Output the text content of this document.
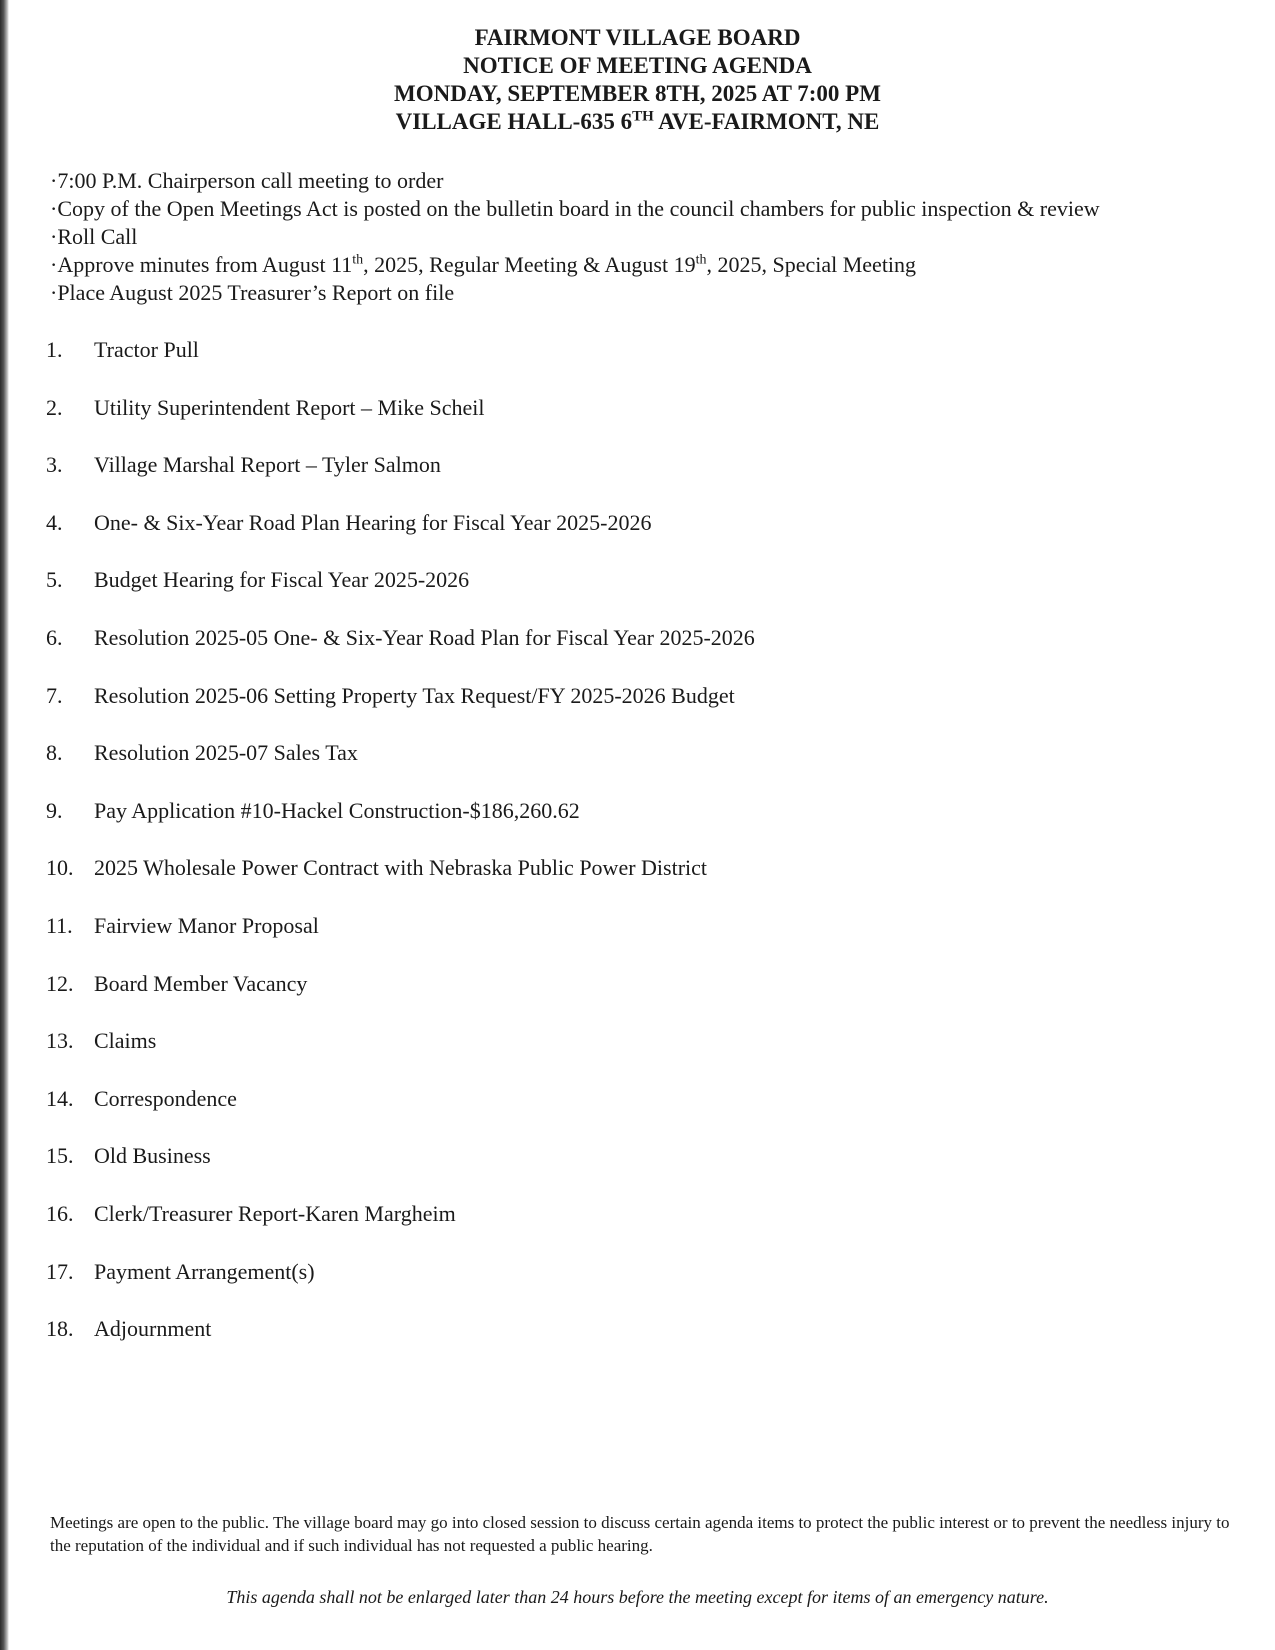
FAIRMONT VILLAGE BOARD
NOTICE OF MEETING AGENDA
MONDAY, SEPTEMBER 8TH, 2025 AT 7:00 PM
VILLAGE HALL-635 6TH AVE-FAIRMONT, NE
·7:00 P.M. Chairperson call meeting to order
·Copy of the Open Meetings Act is posted on the bulletin board in the council chambers for public inspection & review
·Roll Call
·Approve minutes from August 11th, 2025, Regular Meeting & August 19th, 2025, Special Meeting
·Place August 2025 Treasurer’s Report on file
1.	Tractor Pull
2.	Utility Superintendent Report – Mike Scheil
3.	Village Marshal Report – Tyler Salmon
4.	One- & Six-Year Road Plan Hearing for Fiscal Year 2025-2026
5.	Budget Hearing for Fiscal Year 2025-2026
6.	Resolution 2025-05 One- & Six-Year Road Plan for Fiscal Year 2025-2026
7.	Resolution 2025-06 Setting Property Tax Request/FY 2025-2026 Budget
8.	Resolution 2025-07 Sales Tax
9.	Pay Application #10-Hackel Construction-$186,260.62
10. 2025 Wholesale Power Contract with Nebraska Public Power District
11. Fairview Manor Proposal
12. Board Member Vacancy
13. Claims
14. Correspondence
15. Old Business
16. Clerk/Treasurer Report-Karen Margheim
17. Payment Arrangement(s)
18. Adjournment
Meetings are open to the public. The village board may go into closed session to discuss certain agenda items to protect the public interest or to prevent the needless injury to the reputation of the individual and if such individual has not requested a public hearing.
This agenda shall not be enlarged later than 24 hours before the meeting except for items of an emergency nature.
